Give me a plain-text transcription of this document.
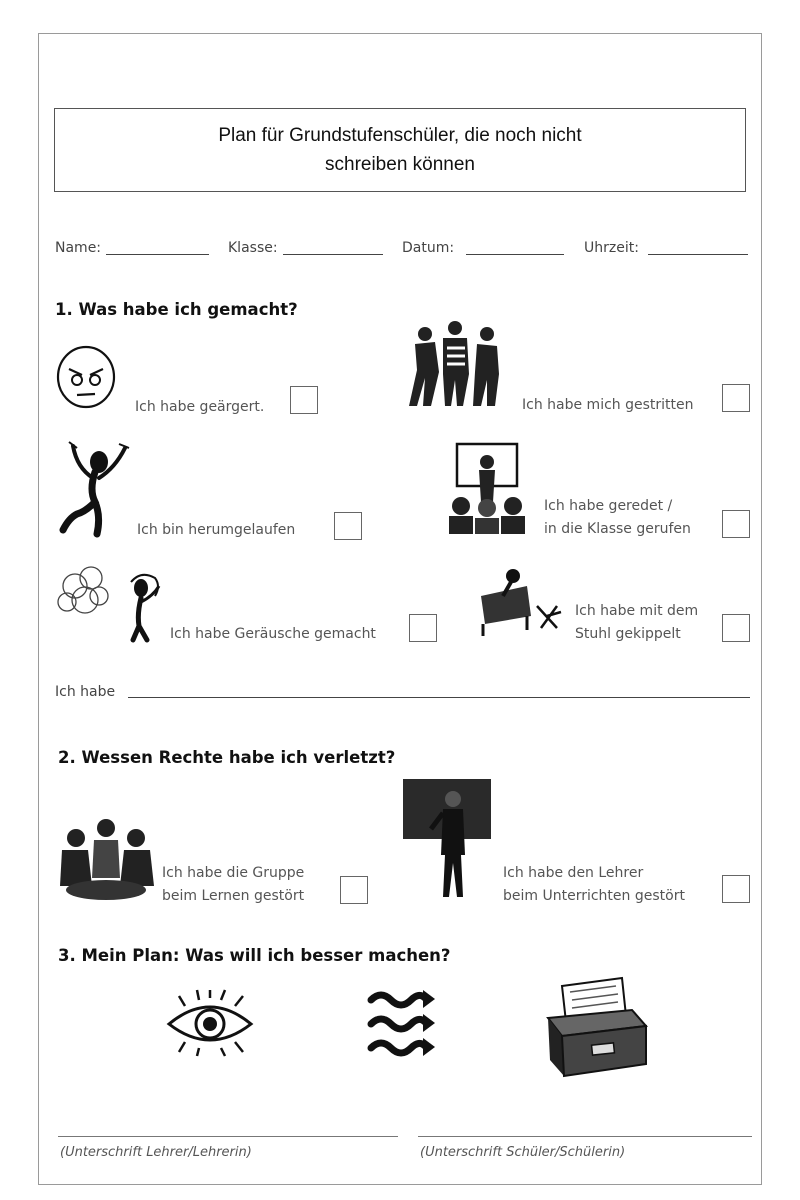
Plan für Grundstufenschüler, die noch nicht
schreiben können
Name:	Klasse:	Datum:	Uhrzeit:
1. Was habe ich gemacht?
Ich habe geärgert.	Ich habe mich gestritten
Ich bin herumgelaufen
Ich habe geredet /
in die Klasse gerufen
Ich habe Geräusche gemacht
Ich habe mit dem
Stuhl gekippelt
Ich habe
2. Wessen Rechte habe ich verletzt?
Ich habe die Gruppe
beim Lernen gestört
Ich habe den Lehrer
beim Unterrichten gestört
3. Mein Plan: Was will ich besser machen?
(Unterschrift Lehrer/Lehrerin)	(Unterschrift Schüler/Schülerin)
